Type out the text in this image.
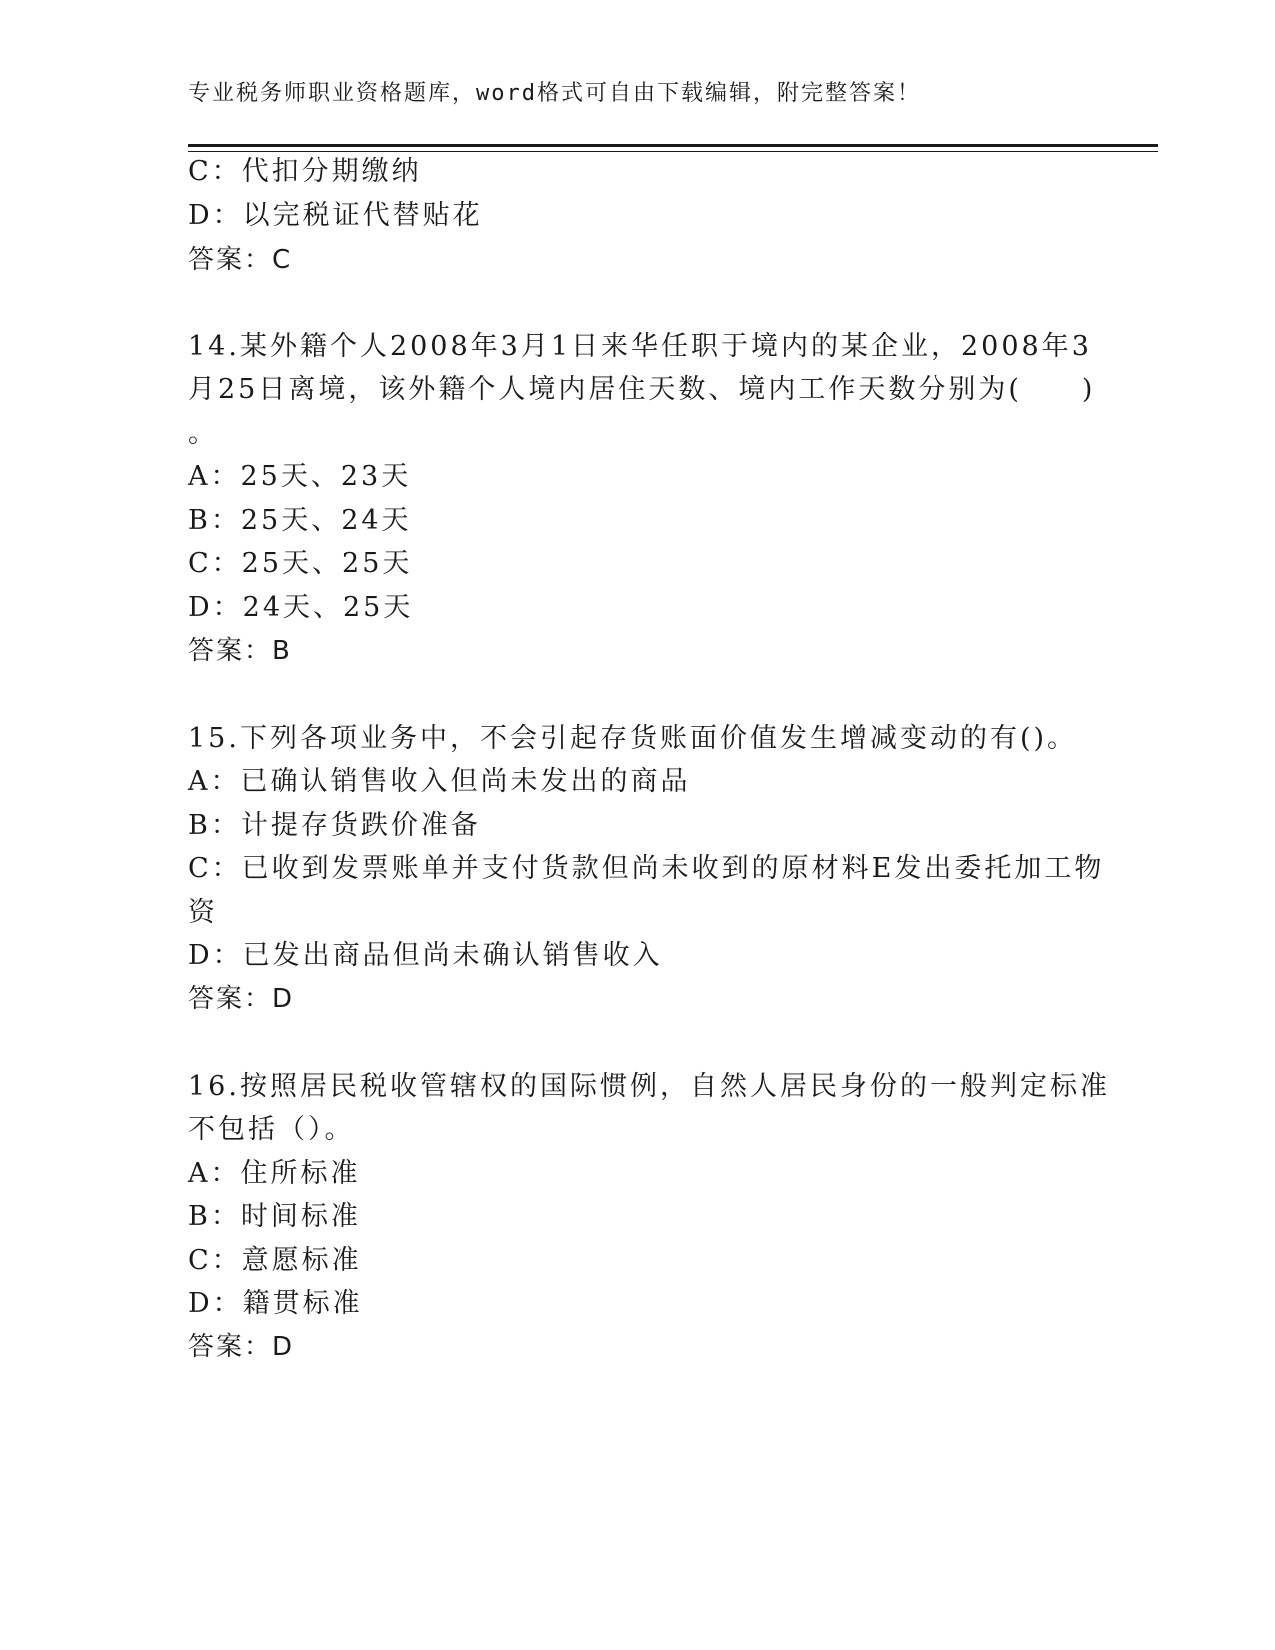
专业税务师职业资格题库，word格式可自由下载编辑，附完整答案！
C：代扣分期缴纳
D：以完税证代替贴花
答案：C
14.某外籍个人2008年3月1日来华任职于境内的某企业，2008年3
月25日离境，该外籍个人境内居住天数、境内工作天数分别为(　　)
。
A：25天、23天
B：25天、24天
C：25天、25天
D：24天、25天
答案：B
15.下列各项业务中，不会引起存货账面价值发生增减变动的有()。
A：已确认销售收入但尚未发出的商品
B：计提存货跌价准备
C：已收到发票账单并支付货款但尚未收到的原材料E发出委托加工物
资
D：已发出商品但尚未确认销售收入
答案：D
16.按照居民税收管辖权的国际惯例，自然人居民身份的一般判定标准
不包括（）。
A：住所标准
B：时间标准
C：意愿标准
D：籍贯标准
答案：D
